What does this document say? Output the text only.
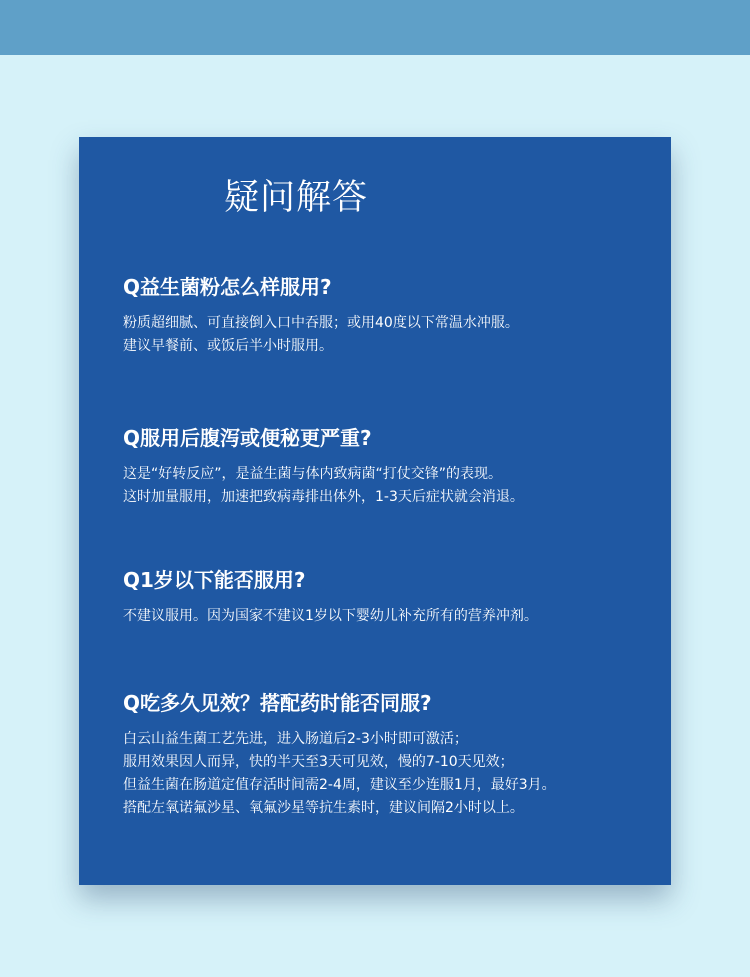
疑问解答

Q益生菌粉怎么样服用?

粉质超细腻、可直接倒入口中吞服；或用40度以下常温水冲服。

建议早餐前、或饭后半小时服用。

Q服用后腹泻或便秘更严重?

这是“好转反应”，是益生菌与体内致病菌“打仗交锋”的表现。

这时加量服用，加速把致病毒排出体外，1-3天后症状就会消退。

Q1岁以下能否服用?

不建议服用。因为国家不建议1岁以下婴幼儿补充所有的营养冲剂。

Q吃多久见效？搭配药时能否同服?

白云山益生菌工艺先进，进入肠道后2-3小时即可激活；

服用效果因人而异，快的半天至3天可见效，慢的7-10天见效；

但益生菌在肠道定值存活时间需2-4周，建议至少连服1月，最好3月。

搭配左氧诺氟沙星、氧氟沙星等抗生素时，建议间隔2小时以上。
